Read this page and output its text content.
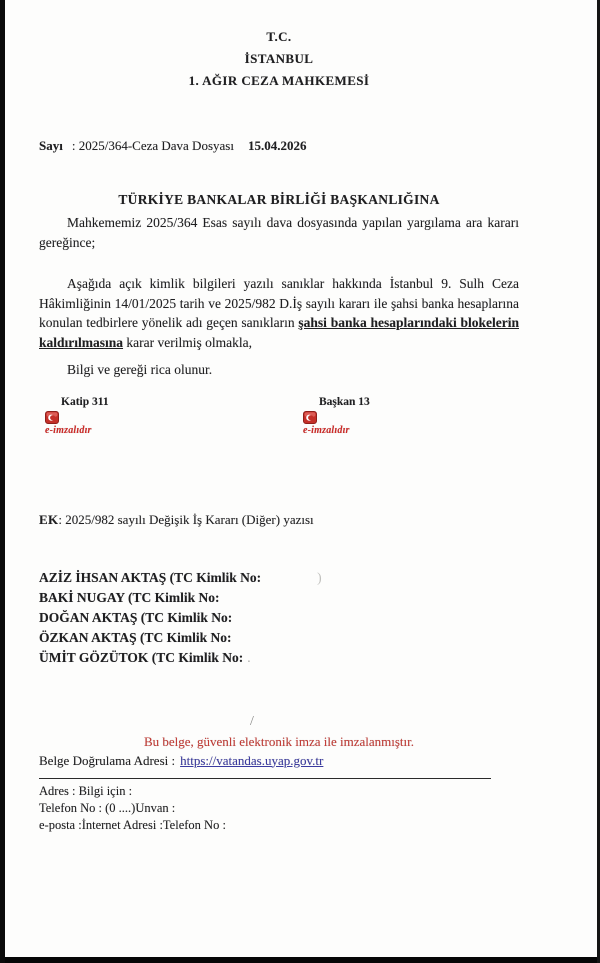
T.C.
İSTANBUL
1. AĞIR CEZA MAHKEMESİ
Sayı : 2025/364-Ceza Dava Dosyası 15.04.2026
TÜRKİYE BANKALAR BİRLİĞİ BAŞKANLIĞINA

Mahkememiz 2025/364 Esas sayılı dava dosyasında yapılan yargılama ara kararı gereğince;

Aşağıda açık kimlik bilgileri yazılı sanıklar hakkında İstanbul 9. Sulh Ceza Hâkimliğinin 14/01/2025 tarih ve 2025/982 D.İş sayılı kararı ile şahsi banka hesaplarına konulan tedbirlere yönelik adı geçen sanıkların şahsi banka hesaplarındaki blokelerin kaldırılmasına karar verilmiş olmakla,

Bilgi ve gereği rica olunur.

Katip 311
e-imzalıdır
Başkan 13
e-imzalıdır
EK: 2025/982 sayılı Değişik İş Kararı (Diğer) yazısı
AZİZ İHSAN AKTAŞ (TC Kimlik No:	)
BAKİ NUGAY (TC Kimlik No:
DOĞAN AKTAŞ (TC Kimlik No:
ÖZKAN AKTAŞ (TC Kimlik No:
ÜMİT GÖZÜTOK (TC Kimlik No: .
/
Bu belge, güvenli elektronik imza ile imzalanmıştır.
Belge Doğrulama Adresi : https://vatandas.uyap.gov.tr
Adres : Bilgi için :
Telefon No : (0 ....)Unvan :
e-posta :İnternet Adresi :Telefon No :
